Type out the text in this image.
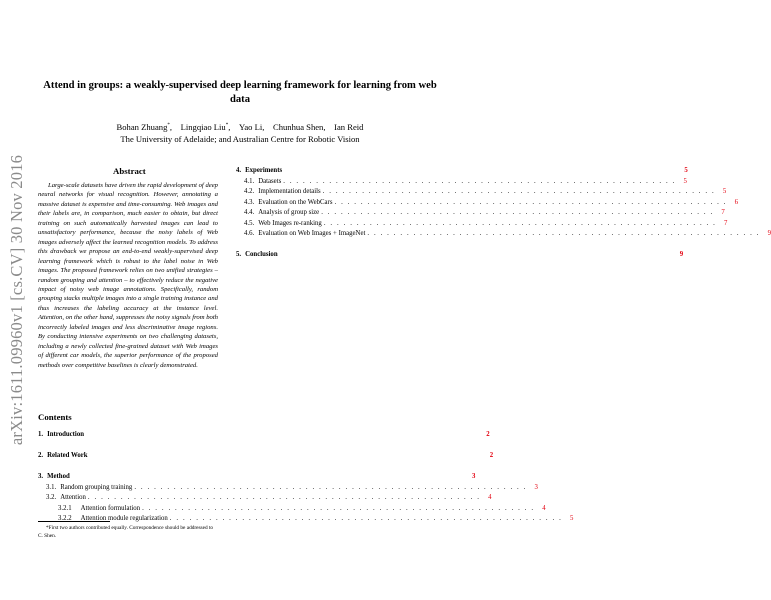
arXiv:1611.09960v1 [cs.CV] 30 Nov 2016
Attend in groups: a weakly-supervised deep learning framework for learning from web data
Bohan Zhuang*, Lingqiao Liu*, Yao Li, Chunhua Shen, Ian Reid
The University of Adelaide; and Australian Centre for Robotic Vision
Abstract

Large-scale datasets have driven the rapid development of deep neural networks for visual recognition. However, annotating a massive dataset is expensive and time-consuming. Web images and their labels are, in comparison, much easier to obtain, but direct training on such automatically harvested images can lead to unsatisfactory performance, because the noisy labels of Web images adversely affect the learned recognition models. To address this drawback we propose an end-to-end weakly-supervised deep learning framework which is robust to the label noise in Web images. The proposed framework relies on two unified strategies – random grouping and attention – to effectively reduce the negative impact of noisy web image annotations. Specifically, random grouping stacks multiple images into a single training instance and thus increases the labeling accuracy at the instance level. Attention, on the other hand, suppresses the noisy signals from both incorrectly labeled images and less discriminative image regions. By conducting intensive experiments on two challenging datasets, including a newly collected fine-grained dataset with Web images of different car models, the superior performance of the proposed methods over competitive baselines is clearly demonstrated.

Contents
1. Introduction	2
2. Related Work	2
3. Method	3
3.1. Random grouping training . . . . . . . . . . . . . . . . . . . . . . . . . . . . . . . . . . . . . . . . . . . . . . . . . . . . . . . . . . . .	3
3.2. Attention . . . . . . . . . . . . . . . . . . . . . . . . . . . . . . . . . . . . . . . . . . . . . . . . . . . . . . . . . . . .	4
3.2.1 Attention formulation . . . . . . . . . . . . . . . . . . . . . . . . . . . . . . . . . . . . . . . . . . . . . . . . . . . . . . . . . . . .	4
3.2.2 Attention module regularization . . . . . . . . . . . . . . . . . . . . . . . . . . . . . . . . . . . . . . . . . . . . . . . . . . . . . . . . . . . .	5
4. Experiments	5
4.1. Datasets . . . . . . . . . . . . . . . . . . . . . . . . . . . . . . . . . . . . . . . . . . . . . . . . . . . . . . . . . . . .	5
4.2. Implementation details . . . . . . . . . . . . . . . . . . . . . . . . . . . . . . . . . . . . . . . . . . . . . . . . . . . . . . . . . . . .	5
4.3. Evaluation on the WebCars . . . . . . . . . . . . . . . . . . . . . . . . . . . . . . . . . . . . . . . . . . . . . . . . . . . . . . . . . . . .	6
4.4. Analysis of group size . . . . . . . . . . . . . . . . . . . . . . . . . . . . . . . . . . . . . . . . . . . . . . . . . . . . . . . . . . . .	7
4.5. Web Images re-ranking . . . . . . . . . . . . . . . . . . . . . . . . . . . . . . . . . . . . . . . . . . . . . . . . . . . . . . . . . . . .	7
4.6. Evaluation on Web Images + ImageNet . . . . . . . . . . . . . . . . . . . . . . . . . . . . . . . . . . . . . . . . . . . . . . . . . . . . . . . . . . . .	9
5. Conclusion	9

*First two authors contributed equally. Correspondence should be addressed to C. Shen.
